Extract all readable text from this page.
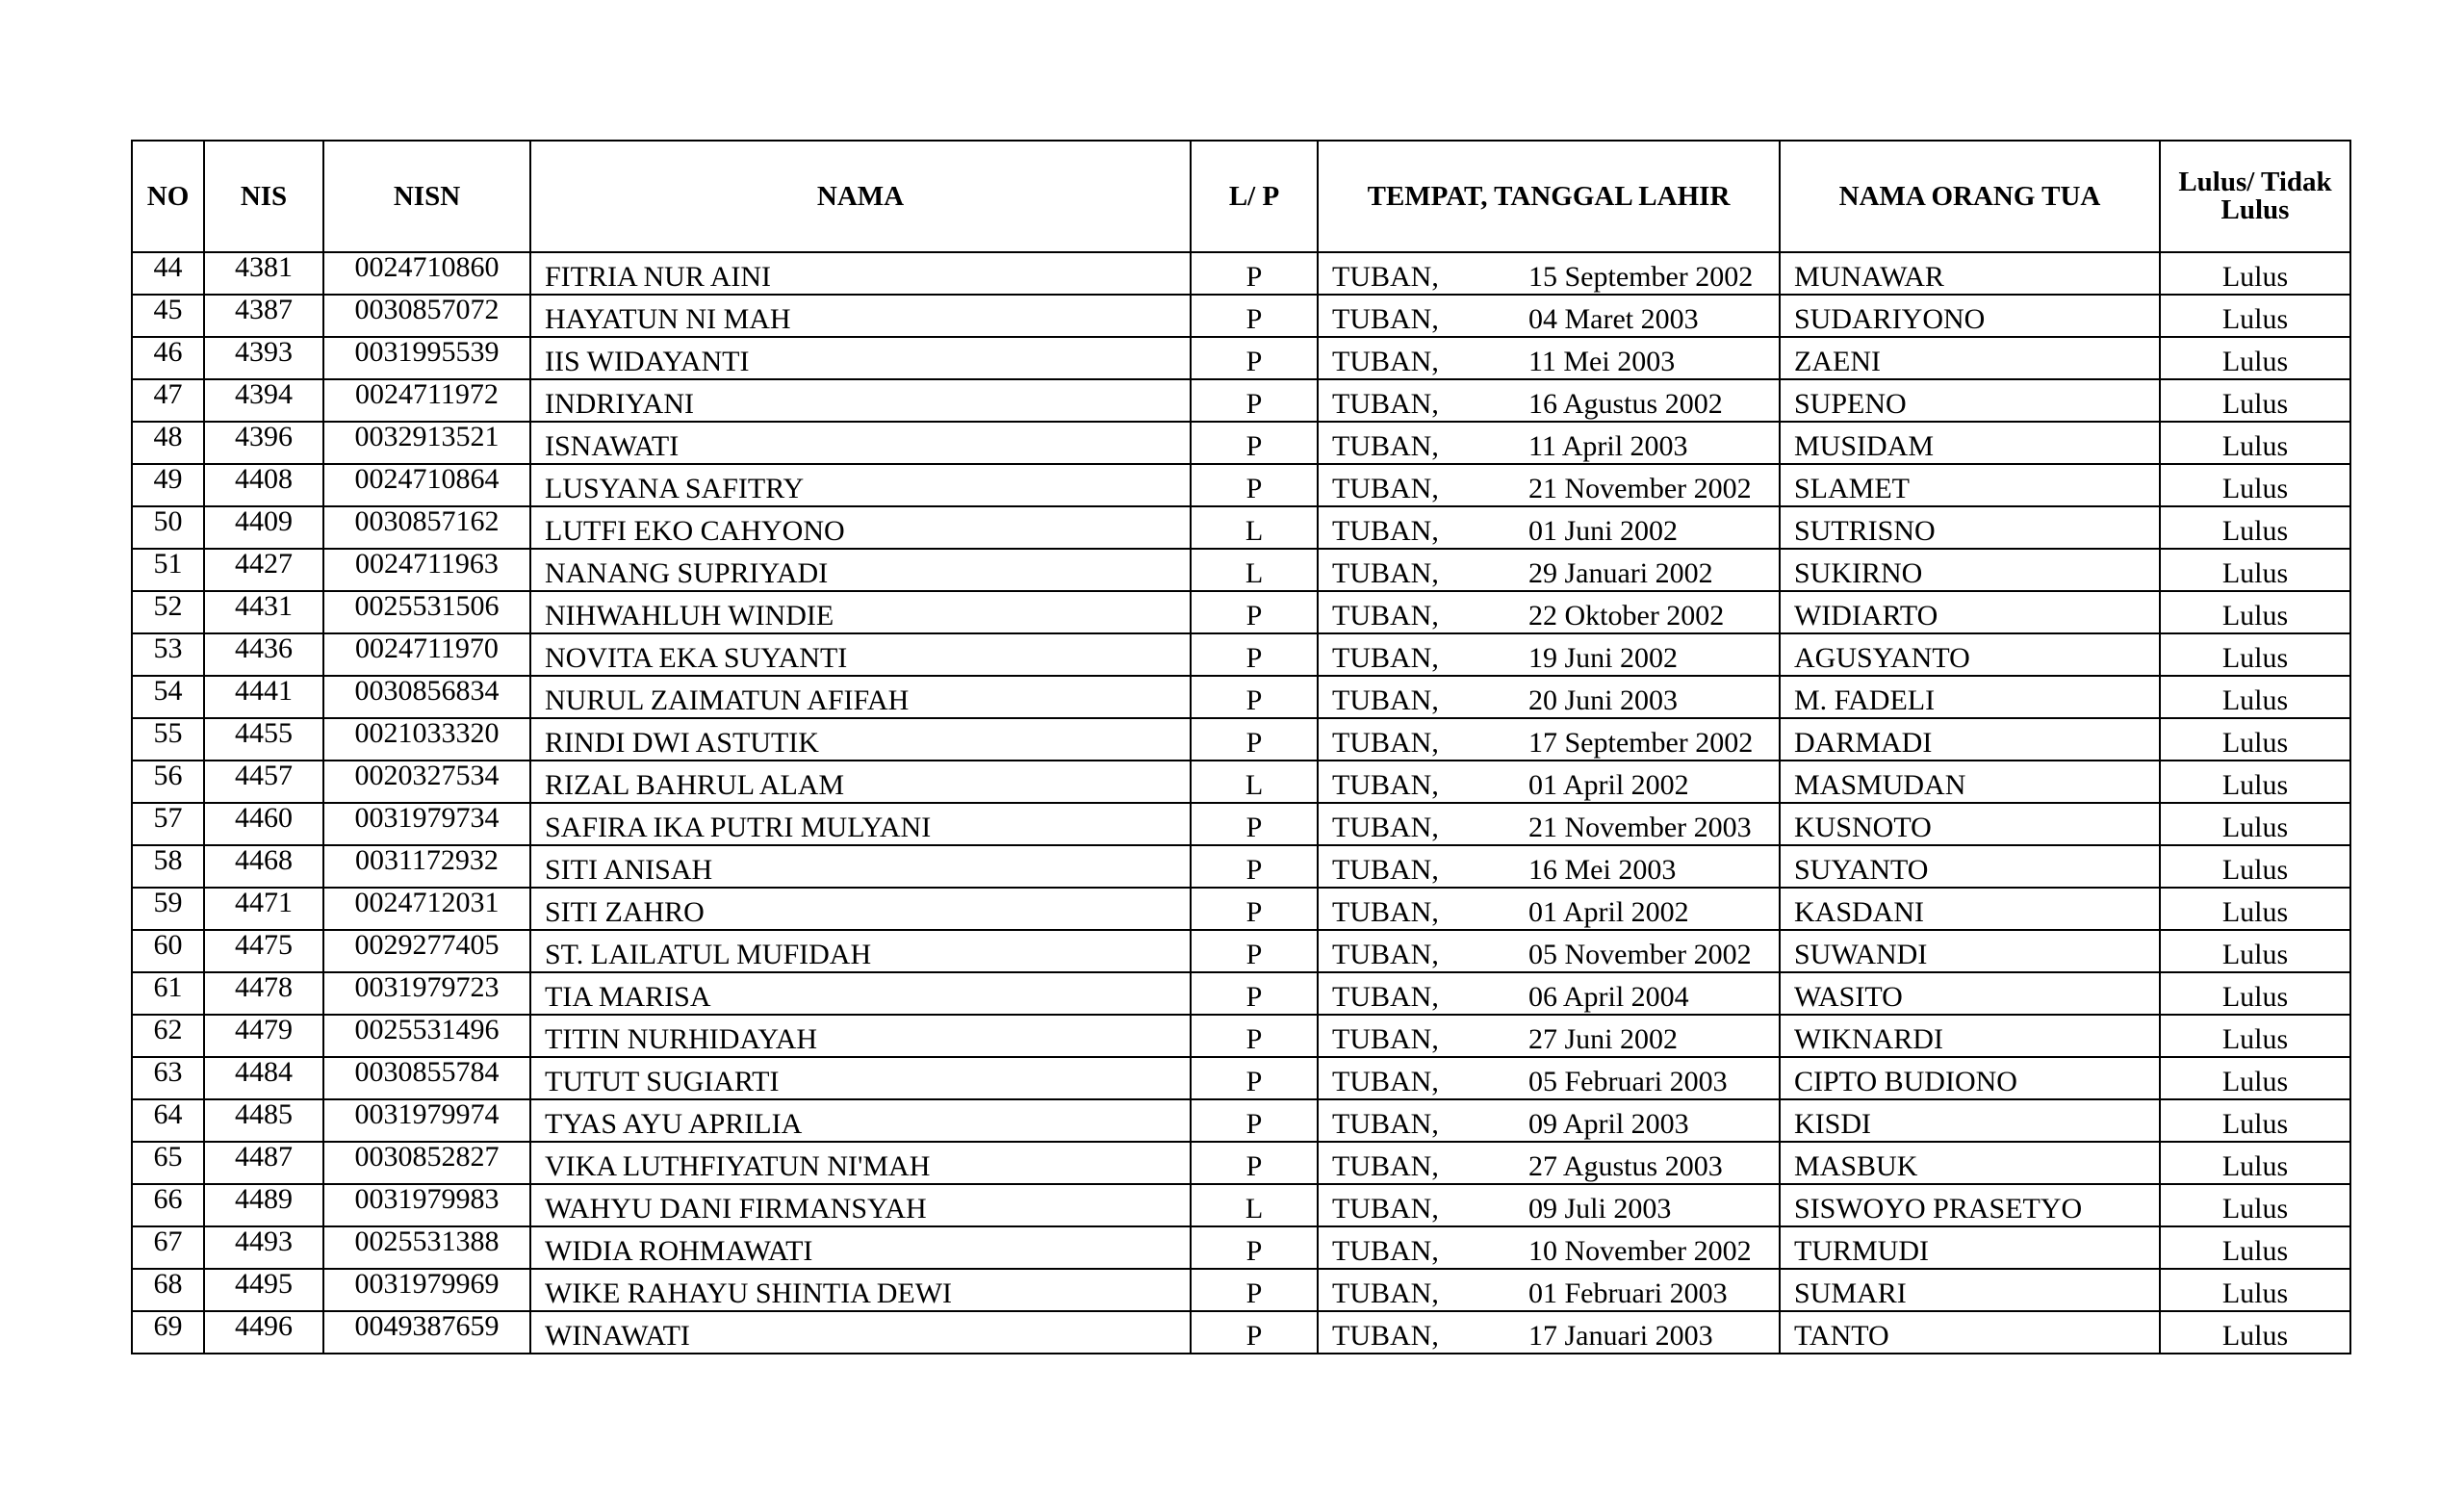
NO	NIS	NISN	NAMA	L/ P	TEMPAT, TANGGAL LAHIR	NAMA ORANG TUA	Lulus/ Tidak Lulus
44	4381	0024710860	FITRIA NUR AINI	P	TUBAN, 15 September 2002	MUNAWAR	Lulus
45	4387	0030857072	HAYATUN NI MAH	P	TUBAN, 04 Maret 2003	SUDARIYONO	Lulus
46	4393	0031995539	IIS WIDAYANTI	P	TUBAN, 11 Mei 2003	ZAENI	Lulus
47	4394	0024711972	INDRIYANI	P	TUBAN, 16 Agustus 2002	SUPENO	Lulus
48	4396	0032913521	ISNAWATI	P	TUBAN, 11 April 2003	MUSIDAM	Lulus
49	4408	0024710864	LUSYANA SAFITRY	P	TUBAN, 21 November 2002	SLAMET	Lulus
50	4409	0030857162	LUTFI EKO CAHYONO	L	TUBAN, 01 Juni 2002	SUTRISNO	Lulus
51	4427	0024711963	NANANG SUPRIYADI	L	TUBAN, 29 Januari 2002	SUKIRNO	Lulus
52	4431	0025531506	NIHWAHLUH WINDIE	P	TUBAN, 22 Oktober 2002	WIDIARTO	Lulus
53	4436	0024711970	NOVITA EKA SUYANTI	P	TUBAN, 19 Juni 2002	AGUSYANTO	Lulus
54	4441	0030856834	NURUL ZAIMATUN AFIFAH	P	TUBAN, 20 Juni 2003	M. FADELI	Lulus
55	4455	0021033320	RINDI DWI ASTUTIK	P	TUBAN, 17 September 2002	DARMADI	Lulus
56	4457	0020327534	RIZAL BAHRUL ALAM	L	TUBAN, 01 April 2002	MASMUDAN	Lulus
57	4460	0031979734	SAFIRA IKA PUTRI MULYANI	P	TUBAN, 21 November 2003	KUSNOTO	Lulus
58	4468	0031172932	SITI ANISAH	P	TUBAN, 16 Mei 2003	SUYANTO	Lulus
59	4471	0024712031	SITI ZAHRO	P	TUBAN, 01 April 2002	KASDANI	Lulus
60	4475	0029277405	ST. LAILATUL MUFIDAH	P	TUBAN, 05 November 2002	SUWANDI	Lulus
61	4478	0031979723	TIA MARISA	P	TUBAN, 06 April 2004	WASITO	Lulus
62	4479	0025531496	TITIN NURHIDAYAH	P	TUBAN, 27 Juni 2002	WIKNARDI	Lulus
63	4484	0030855784	TUTUT SUGIARTI	P	TUBAN, 05 Februari 2003	CIPTO BUDIONO	Lulus
64	4485	0031979974	TYAS AYU APRILIA	P	TUBAN, 09 April 2003	KISDI	Lulus
65	4487	0030852827	VIKA LUTHFIYATUN NI'MAH	P	TUBAN, 27 Agustus 2003	MASBUK	Lulus
66	4489	0031979983	WAHYU DANI FIRMANSYAH	L	TUBAN, 09 Juli 2003	SISWOYO PRASETYO	Lulus
67	4493	0025531388	WIDIA ROHMAWATI	P	TUBAN, 10 November 2002	TURMUDI	Lulus
68	4495	0031979969	WIKE RAHAYU SHINTIA DEWI	P	TUBAN, 01 Februari 2003	SUMARI	Lulus
69	4496	0049387659	WINAWATI	P	TUBAN, 17 Januari 2003	TANTO	Lulus
